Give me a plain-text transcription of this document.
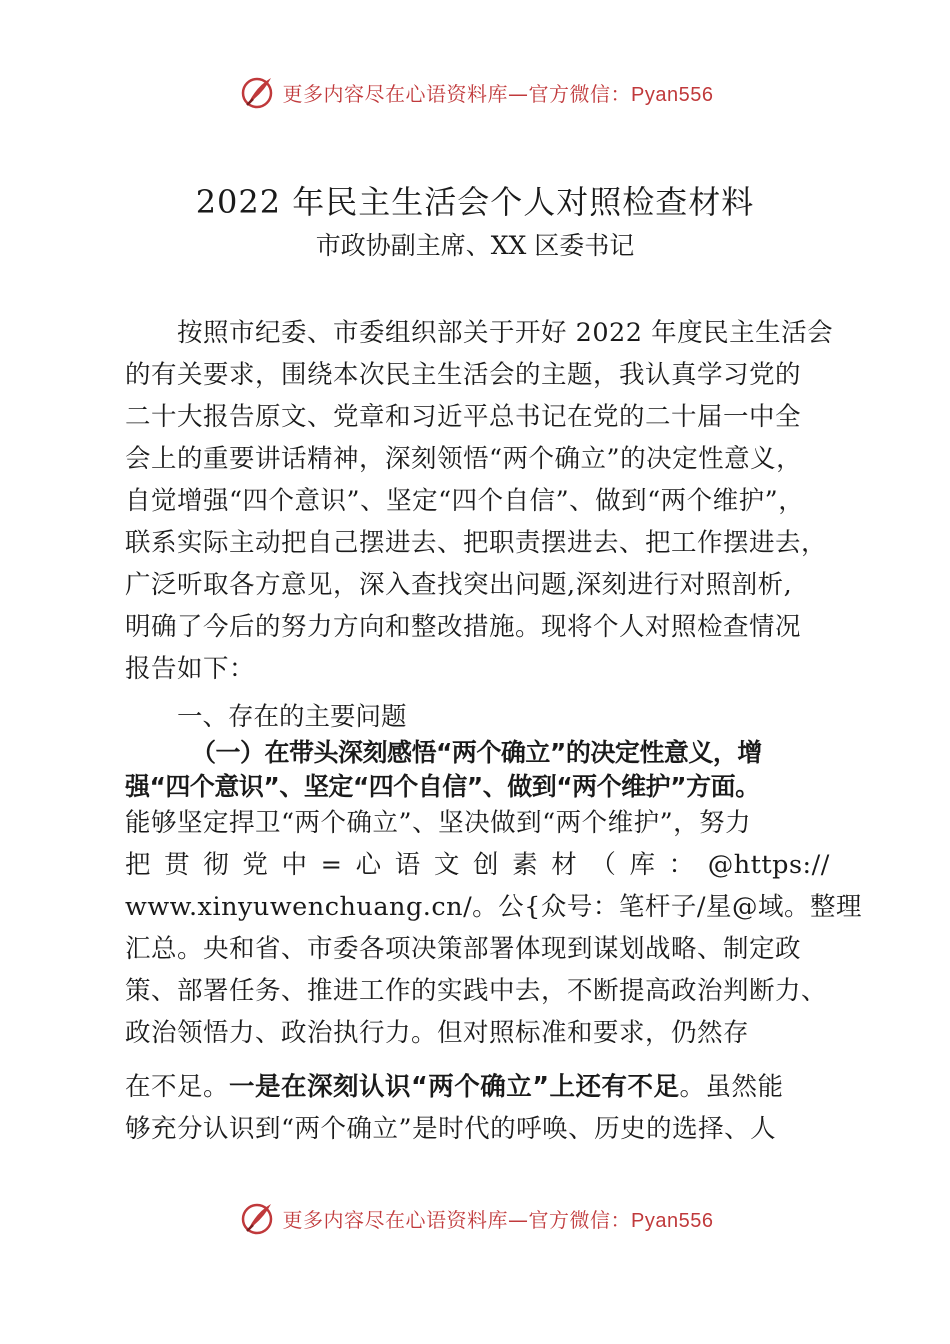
更多内容尽在心语资料库—官方微信：Pyan556
2022 年民主生活会个人对照检查材料
市政协副主席、XX 区委书记
按照市纪委、市委组织部关于开好 2022 年度民主生活会
的有关要求，围绕本次民主生活会的主题，我认真学习党的
二十大报告原文、党章和习近平总书记在党的二十届一中全
会上的重要讲话精神，深刻领悟“两个确立”的决定性意义，
自觉增强“四个意识”、坚定“四个自信”、做到“两个维护”，
联系实际主动把自己摆进去、把职责摆进去、把工作摆进去，
广泛听取各方意见，深入查找突出问题,深刻进行对照剖析,
明确了今后的努力方向和整改措施。现将个人对照检查情况
报告如下：
一、存在的主要问题
（一）在带头深刻感悟“两个确立”的决定性意义，增
强“四个意识”、坚定“四个自信”、做到“两个维护”方面。
能够坚定捍卫“两个确立”、坚决做到“两个维护”，努力
把 贯 彻 党 中 = 心 语 文 创 素 材 （ 库 ： @https://
www.xinyuwenchuang.cn/。公{众号：笔杆子/星@域。整理
汇总。央和省、市委各项决策部署体现到谋划战略、制定政
策、部署任务、推进工作的实践中去，不断提高政治判断力、
政治领悟力、政治执行力。但对照标准和要求，仍然存
在不足。一是在深刻认识“两个确立”上还有不足。虽然能
够充分认识到“两个确立”是时代的呼唤、历史的选择、人
更多内容尽在心语资料库—官方微信：Pyan556
